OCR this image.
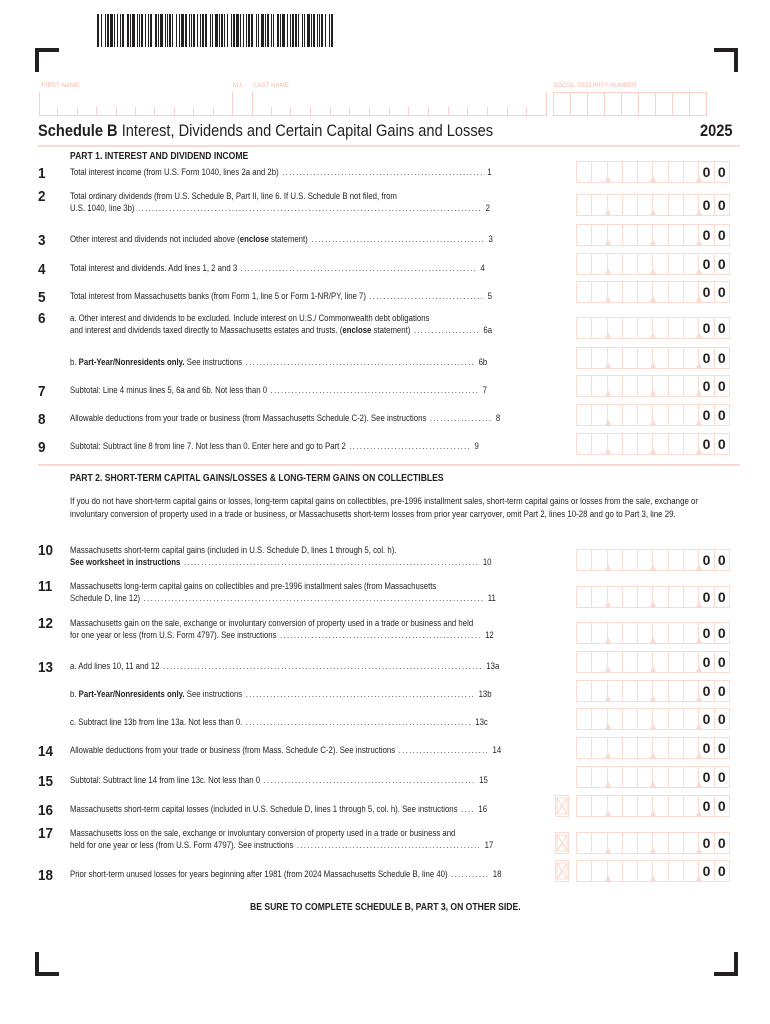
FIRST NAME	M.I. LAST NAME	SOCIAL SECURITY NUMBER
Schedule B Interest, Dividends and Certain Capital Gains and Losses	2025
PART 1. INTEREST AND DIVIDEND INCOME
1	Total interest income (from U.S. Form 1040, lines 2a and 2b) .......................................................... 1	0 0
2	Total ordinary dividends (from U.S. Schedule B, Part II, line 6. If U.S. Schedule B not filed, from
U.S. 1040, line 3b) ................................................................................................... 2	0 0
3	Other interest and dividends not included above (enclose statement) .................................................. 3	0 0
4	Total interest and dividends. Add lines 1, 2 and 3 .................................................................... 4	0 0
5	Total interest from Massachusetts banks (from Form 1, line 5 or Form 1-NR/PY, line 7) ................................. 5	0 0
6	a. Other interest and dividends to be excluded. Include interest on U.S./ Commonwealth debt obligations
and interest and dividends taxed directly to Massachusetts estates and trusts. (enclose statement) ................... 6a	0 0
b. Part-Year/Nonresidents only. See instructions .................................................................. 6b	0 0
7	Subtotal: Line 4 minus lines 5, 6a and 6b. Not less than 0 ............................................................ 7	0 0
8	Allowable deductions from your trade or business (from Massachusetts Schedule C-2). See instructions .................. 8	0 0
9	Subtotal: Subtract line 8 from line 7. Not less than 0. Enter here and go to Part 2 ................................... 9	0 0
10	Massachusetts short-term capital gains (included in U.S. Schedule D, lines 1 through 5, col. h).
See worksheet in instructions ..................................................................................... 10	0 0
11	Massachusetts long-term capital gains on collectibles and pre-1996 installment sales (from Massachusetts
Schedule D, line 12) .................................................................................................. 11	0 0
12	Massachusetts gain on the sale, exchange or involuntary conversion of property used in a trade or business and held
for one year or less (from U.S. Form 4797). See instructions .......................................................... 12	0 0
13	a. Add lines 10, 11 and 12 ............................................................................................ 13a	0 0
b. Part-Year/Nonresidents only. See instructions .................................................................. 13b	0 0
c. Subtract line 13b from line 13a. Not less than 0. ................................................................. 13c	0 0
14	Allowable deductions from your trade or business (from Mass. Schedule C-2). See instructions .......................... 14	0 0
15	Subtotal: Subtract line 14 from line 13c. Not less than 0 ............................................................. 15	0 0
16	Massachusetts short-term capital losses (included in U.S. Schedule D, lines 1 through 5, col. h). See instructions .... 16	0 0
17	Massachusetts loss on the sale, exchange or involuntary conversion of property used in a trade or business and
held for one year or less (from U.S. Form 4797). See instructions ..................................................... 17	0 0
18	Prior short-term unused losses for years beginning after 1981 (from 2024 Massachusetts Schedule B, line 40) ........... 18	0 0
PART 2. SHORT-TERM CAPITAL GAINS/LOSSES & LONG-TERM GAINS ON COLLECTIBLES
If you do not have short-term capital gains or losses, long-term capital gains on collectibles, pre-1996 installment sales, short-term capital gains or losses from the sale, exchange or involuntary conversion of property used in a trade or business, or Massachusetts short-term losses from prior year carryover, omit Part 2, lines 10-28 and go to Part 3, line 29.
BE SURE TO COMPLETE SCHEDULE B, PART 3, ON OTHER SIDE.
